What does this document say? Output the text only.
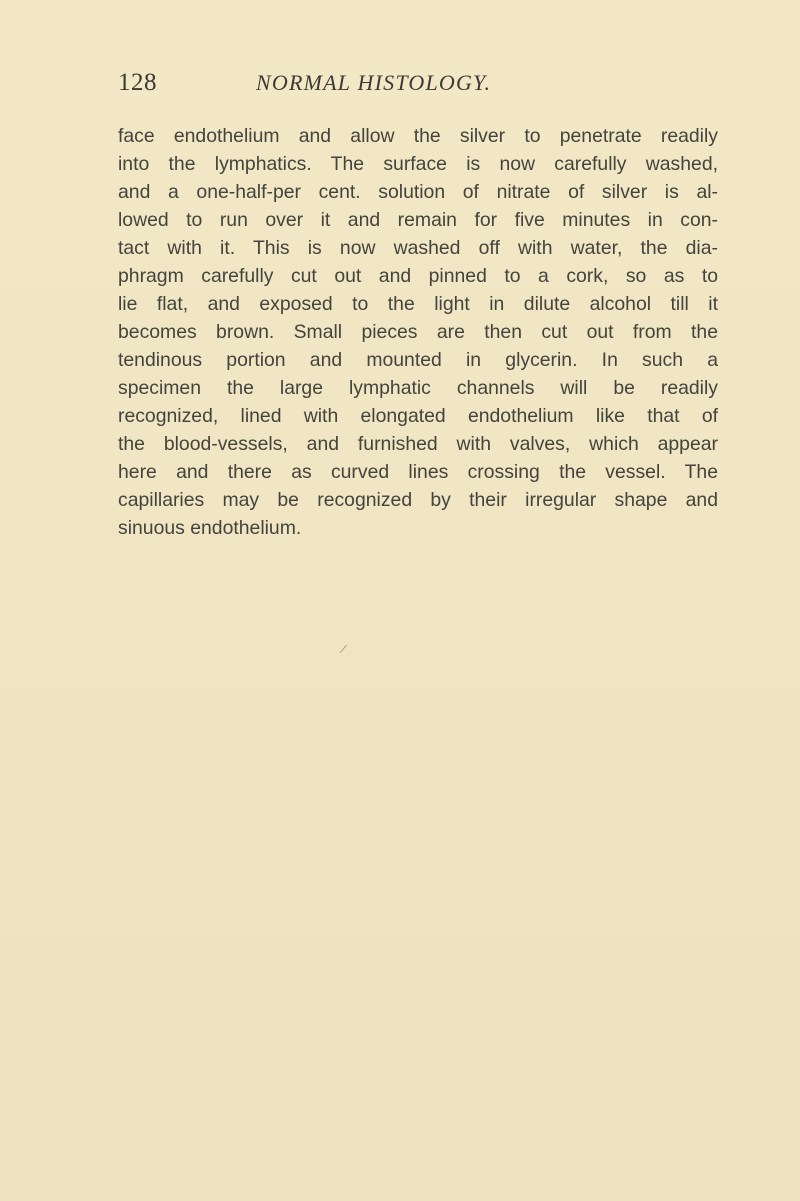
128	NORMAL HISTOLOGY.
face endothelium and allow the silver to penetrate readily
into the lymphatics. The surface is now carefully washed,
and a one-half-per cent. solution of nitrate of silver is al-
lowed to run over it and remain for five minutes in con-
tact with it. This is now washed off with water, the dia-
phragm carefully cut out and pinned to a cork, so as to
lie flat, and exposed to the light in dilute alcohol till it
becomes brown. Small pieces are then cut out from the
tendinous portion and mounted in glycerin. In such a
specimen the large lymphatic channels will be readily
recognized, lined with elongated endothelium like that of
the blood-vessels, and furnished with valves, which appear
here and there as curved lines crossing the vessel. The
capillaries may be recognized by their irregular shape and
sinuous endothelium.
